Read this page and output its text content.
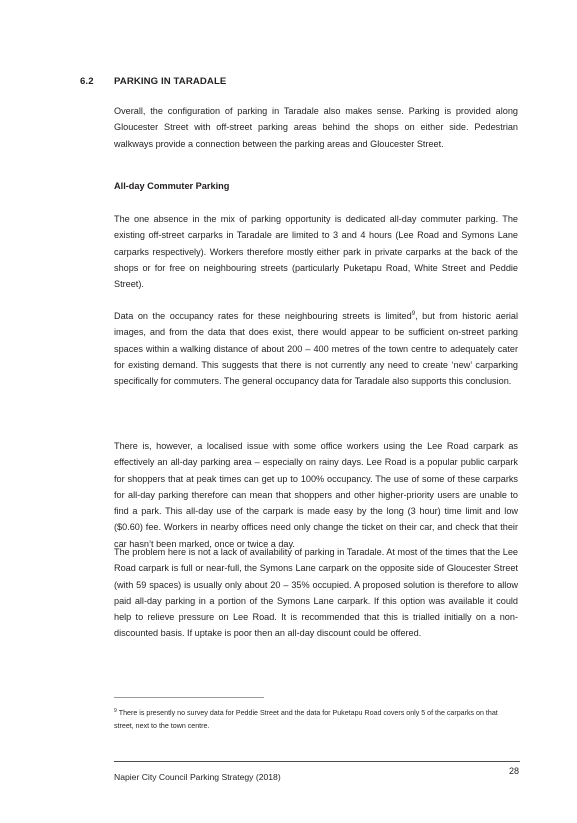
6.2 PARKING IN TARADALE

Overall, the configuration of parking in Taradale also makes sense. Parking is provided along Gloucester Street with off-street parking areas behind the shops on either side. Pedestrian walkways provide a connection between the parking areas and Gloucester Street.

All-day Commuter Parking

The one absence in the mix of parking opportunity is dedicated all-day commuter parking. The existing off-street carparks in Taradale are limited to 3 and 4 hours (Lee Road and Symons Lane carparks respectively). Workers therefore mostly either park in private carparks at the back of the shops or for free on neighbouring streets (particularly Puketapu Road, White Street and Peddie Street).

Data on the occupancy rates for these neighbouring streets is limited$^9$, but from historic aerial images, and from the data that does exist, there would appear to be sufficient on-street parking spaces within a walking distance of about 200 – 400 metres of the town centre to adequately cater for existing demand. This suggests that there is not currently any need to create ‘new’ carparking specifically for commuters. The general occupancy data for Taradale also supports this conclusion.

There is, however, a localised issue with some office workers using the Lee Road carpark as effectively an all-day parking area – especially on rainy days. Lee Road is a popular public carpark for shoppers that at peak times can get up to 100% occupancy. The use of some of these carparks for all-day parking therefore can mean that shoppers and other higher-priority users are unable to find a park. This all-day use of the carpark is made easy by the long (3 hour) time limit and low ($0.60) fee. Workers in nearby offices need only change the ticket on their car, and check that their car hasn’t been marked, once or twice a day.

The problem here is not a lack of availability of parking in Taradale. At most of the times that the Lee Road carpark is full or near-full, the Symons Lane carpark on the opposite side of Gloucester Street (with 59 spaces) is usually only about 20 – 35% occupied. A proposed solution is therefore to allow paid all-day parking in a portion of the Symons Lane carpark. If this option was available it could help to relieve pressure on Lee Road. It is recommended that this is trialled initially on a non-discounted basis. If uptake is poor then an all-day discount could be offered.

$^9$ There is presently no survey data for Peddie Street and the data for Puketapu Road covers only 5 of the carparks on that street, next to the town centre.
Napier City Council Parking Strategy (2018)
28
